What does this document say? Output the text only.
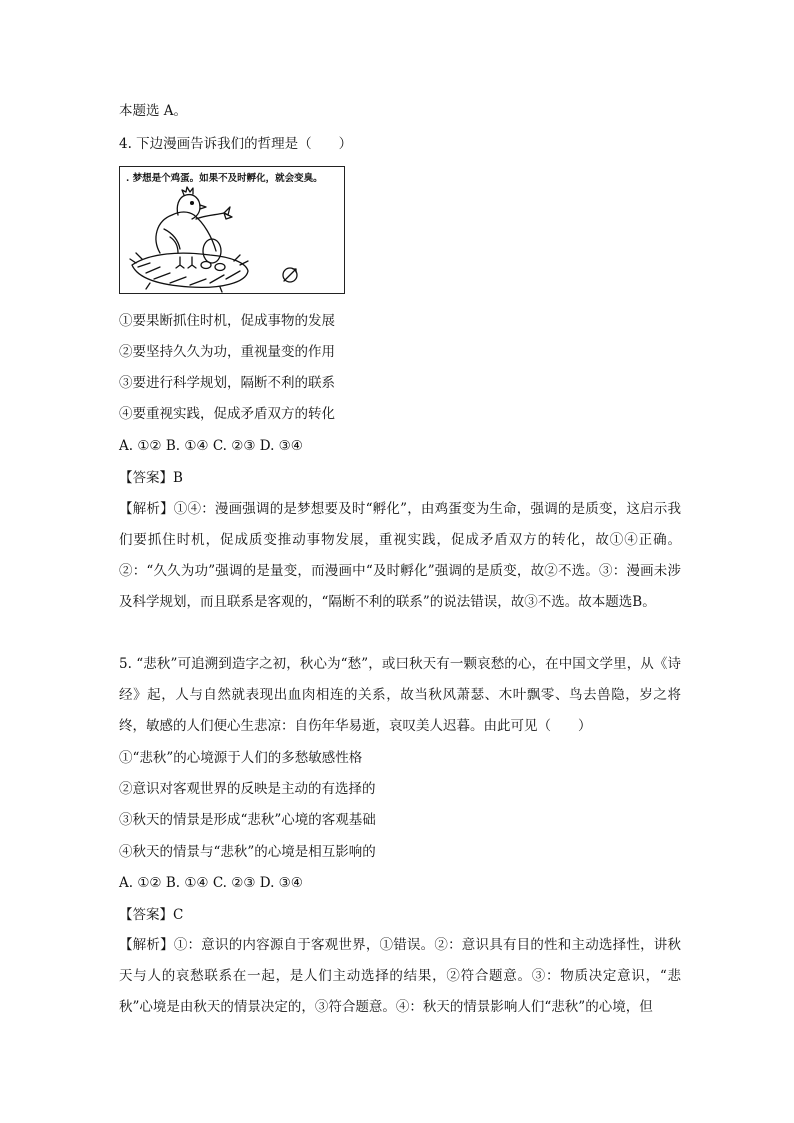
本题选 A。
4. 下边漫画告诉我们的哲理是（　　）
. 梦想是个鸡蛋。如果不及时孵化，就会变臭。
①要果断抓住时机，促成事物的发展
②要坚持久久为功，重视量变的作用
③要进行科学规划，隔断不利的联系
④要重视实践，促成矛盾双方的转化
A. ①② B. ①④ C. ②③ D. ③④
【答案】B
【解析】①④：漫画强调的是梦想要及时“孵化”，由鸡蛋变为生命，强调的是质变，这启示我们要抓住时机，促成质变推动事物发展，重视实践，促成矛盾双方的转化，故①④正确。②：“久久为功”强调的是量变，而漫画中“及时孵化”强调的是质变，故②不选。③：漫画未涉及科学规划，而且联系是客观的，“隔断不利的联系”的说法错误，故③不选。故本题选B。
5. “悲秋”可追溯到造字之初，秋心为“愁”，或曰秋天有一颗哀愁的心，在中国文学里，从《诗经》起，人与自然就表现出血肉相连的关系，故当秋风萧瑟、木叶飘零、鸟去兽隐，岁之将终，敏感的人们便心生悲凉：自伤年华易逝，哀叹美人迟暮。由此可见（　　）
①“悲秋”的心境源于人们的多愁敏感性格
②意识对客观世界的反映是主动的有选择的
③秋天的情景是形成“悲秋”心境的客观基础
④秋天的情景与“悲秋”的心境是相互影响的
A. ①② B. ①④ C. ②③ D. ③④
【答案】C
【解析】①：意识的内容源自于客观世界，①错误。②：意识具有目的性和主动选择性，讲秋天与人的哀愁联系在一起，是人们主动选择的结果，②符合题意。③：物质决定意识，“悲秋”心境是由秋天的情景决定的，③符合题意。④：秋天的情景影响人们“悲秋”的心境，但
